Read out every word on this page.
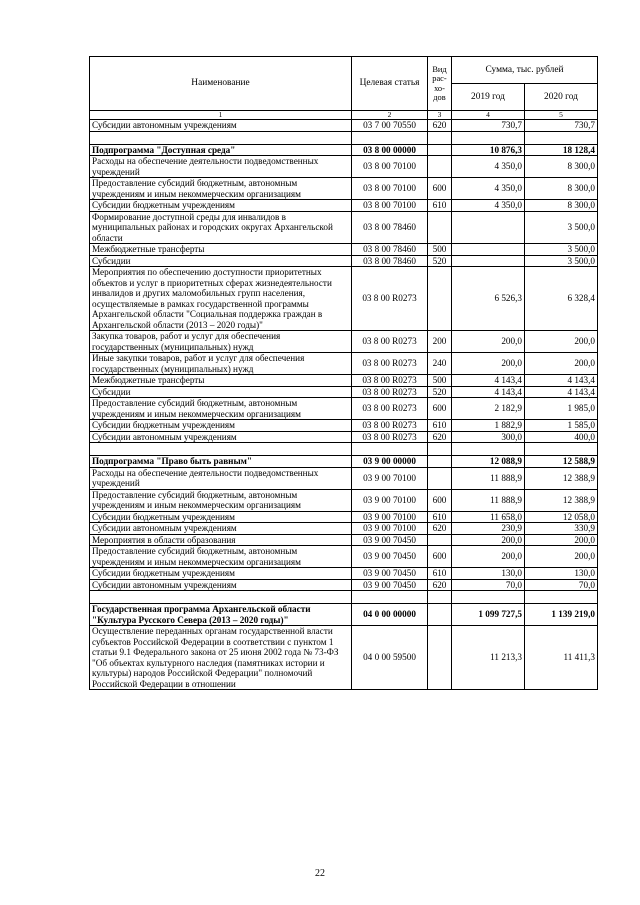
Наименование	Целевая статья	Вид рас-хо-дов	Сумма, тыс. рублей	
			2019 год	2020 год
1	2	3	4	5
Субсидии автономным учреждениям	03 7 00 70550	620	730,7	730,7

Подпрограмма "Доступная среда"	03 8 00 00000		10 876,3	18 128,4
Расходы на обеспечение деятельности подведомственных учреждений	03 8 00 70100		4 350,0	8 300,0
Предоставление субсидий бюджетным, автономным учреждениям и иным некоммерческим организациям	03 8 00 70100	600	4 350,0	8 300,0
Субсидии бюджетным учреждениям	03 8 00 70100	610	4 350,0	8 300,0
Формирование доступной среды для инвалидов в муниципальных районах и городских округах Архангельской области	03 8 00 78460			3 500,0
Межбюджетные трансферты	03 8 00 78460	500		3 500,0
Субсидии	03 8 00 78460	520		3 500,0
Мероприятия по обеспечению доступности приоритетных объектов и услуг в приоритетных сферах жизнедеятельности инвалидов и других маломобильных групп населения, осуществляемые в рамках государственной программы Архангельской области "Социальная поддержка граждан в Архангельской области (2013 – 2020 годы)"	03 8 00 R0273		6 526,3	6 328,4
Закупка товаров, работ и услуг для обеспечения государственных (муниципальных) нужд	03 8 00 R0273	200	200,0	200,0
Иные закупки товаров, работ и услуг для обеспечения государственных (муниципальных) нужд	03 8 00 R0273	240	200,0	200,0
Межбюджетные трансферты	03 8 00 R0273	500	4 143,4	4 143,4
Субсидии	03 8 00 R0273	520	4 143,4	4 143,4
Предоставление субсидий бюджетным, автономным учреждениям и иным некоммерческим организациям	03 8 00 R0273	600	2 182,9	1 985,0
Субсидии бюджетным учреждениям	03 8 00 R0273	610	1 882,9	1 585,0
Субсидии автономным учреждениям	03 8 00 R0273	620	300,0	400,0

Подпрограмма "Право быть равным"	03 9 00 00000		12 088,9	12 588,9
Расходы на обеспечение деятельности подведомственных учреждений	03 9 00 70100		11 888,9	12 388,9
Предоставление субсидий бюджетным, автономным учреждениям и иным некоммерческим организациям	03 9 00 70100	600	11 888,9	12 388,9
Субсидии бюджетным учреждениям	03 9 00 70100	610	11 658,0	12 058,0
Субсидии автономным учреждениям	03 9 00 70100	620	230,9	330,9
Мероприятия в области образования	03 9 00 70450		200,0	200,0
Предоставление субсидий бюджетным, автономным учреждениям и иным некоммерческим организациям	03 9 00 70450	600	200,0	200,0
Субсидии бюджетным учреждениям	03 9 00 70450	610	130,0	130,0
Субсидии автономным учреждениям	03 9 00 70450	620	70,0	70,0

Государственная программа Архангельской области "Культура Русского Севера (2013 – 2020 годы)"	04 0 00 00000		1 099 727,5	1 139 219,0
Осуществление переданных органам государственной власти субъектов Российской Федерации в соответствии с пунктом 1 статьи 9.1 Федерального закона от 25 июня 2002 года № 73-ФЗ "Об объектах культурного наследия (памятниках истории и культуры) народов Российской Федерации" полномочий Российской Федерации в отношении	04 0 00 59500		11 213,3	11 411,3
22
